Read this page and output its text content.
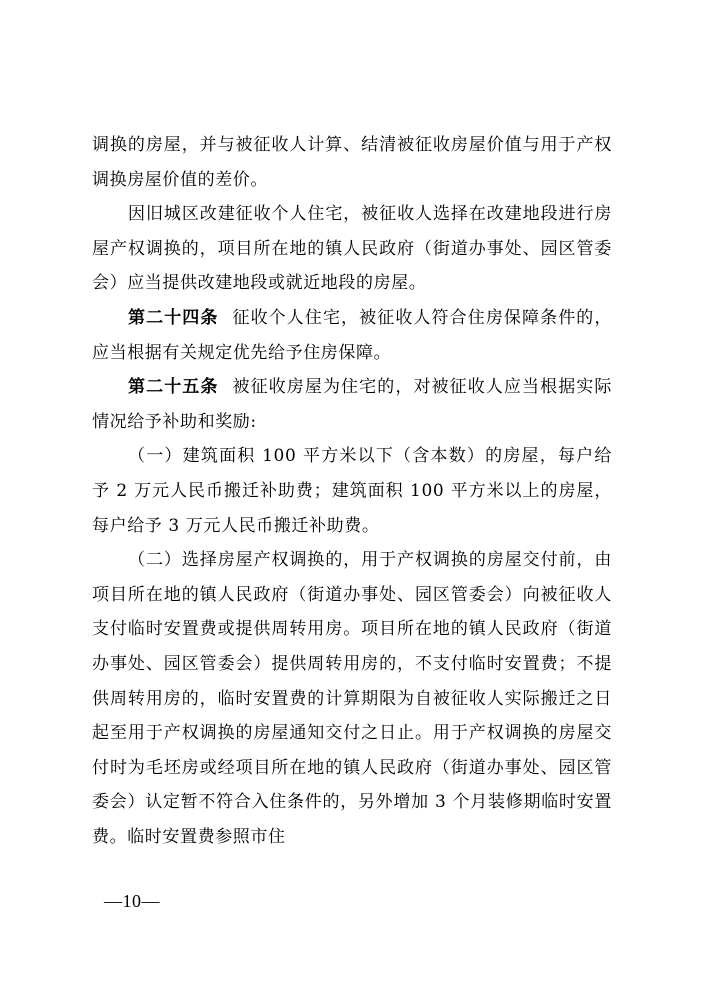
调换的房屋，并与被征收人计算、结清被征收房屋价值与用于产权调换房屋价值的差价。

因旧城区改建征收个人住宅，被征收人选择在改建地段进行房屋产权调换的，项目所在地的镇人民政府（街道办事处、园区管委会）应当提供改建地段或就近地段的房屋。

第二十四条 征收个人住宅，被征收人符合住房保障条件的，应当根据有关规定优先给予住房保障。

第二十五条 被征收房屋为住宅的，对被征收人应当根据实际情况给予补助和奖励:

（一）建筑面积 100 平方米以下（含本数）的房屋，每户给予 2 万元人民币搬迁补助费；建筑面积 100 平方米以上的房屋，每户给予 3 万元人民币搬迁补助费。

（二）选择房屋产权调换的，用于产权调换的房屋交付前，由项目所在地的镇人民政府（街道办事处、园区管委会）向被征收人支付临时安置费或提供周转用房。项目所在地的镇人民政府（街道办事处、园区管委会）提供周转用房的，不支付临时安置费；不提供周转用房的，临时安置费的计算期限为自被征收人实际搬迁之日起至用于产权调换的房屋通知交付之日止。用于产权调换的房屋交付时为毛坯房或经项目所在地的镇人民政府（街道办事处、园区管委会）认定暂不符合入住条件的，另外增加 3 个月装修期临时安置费。临时安置费参照市住

—10—
